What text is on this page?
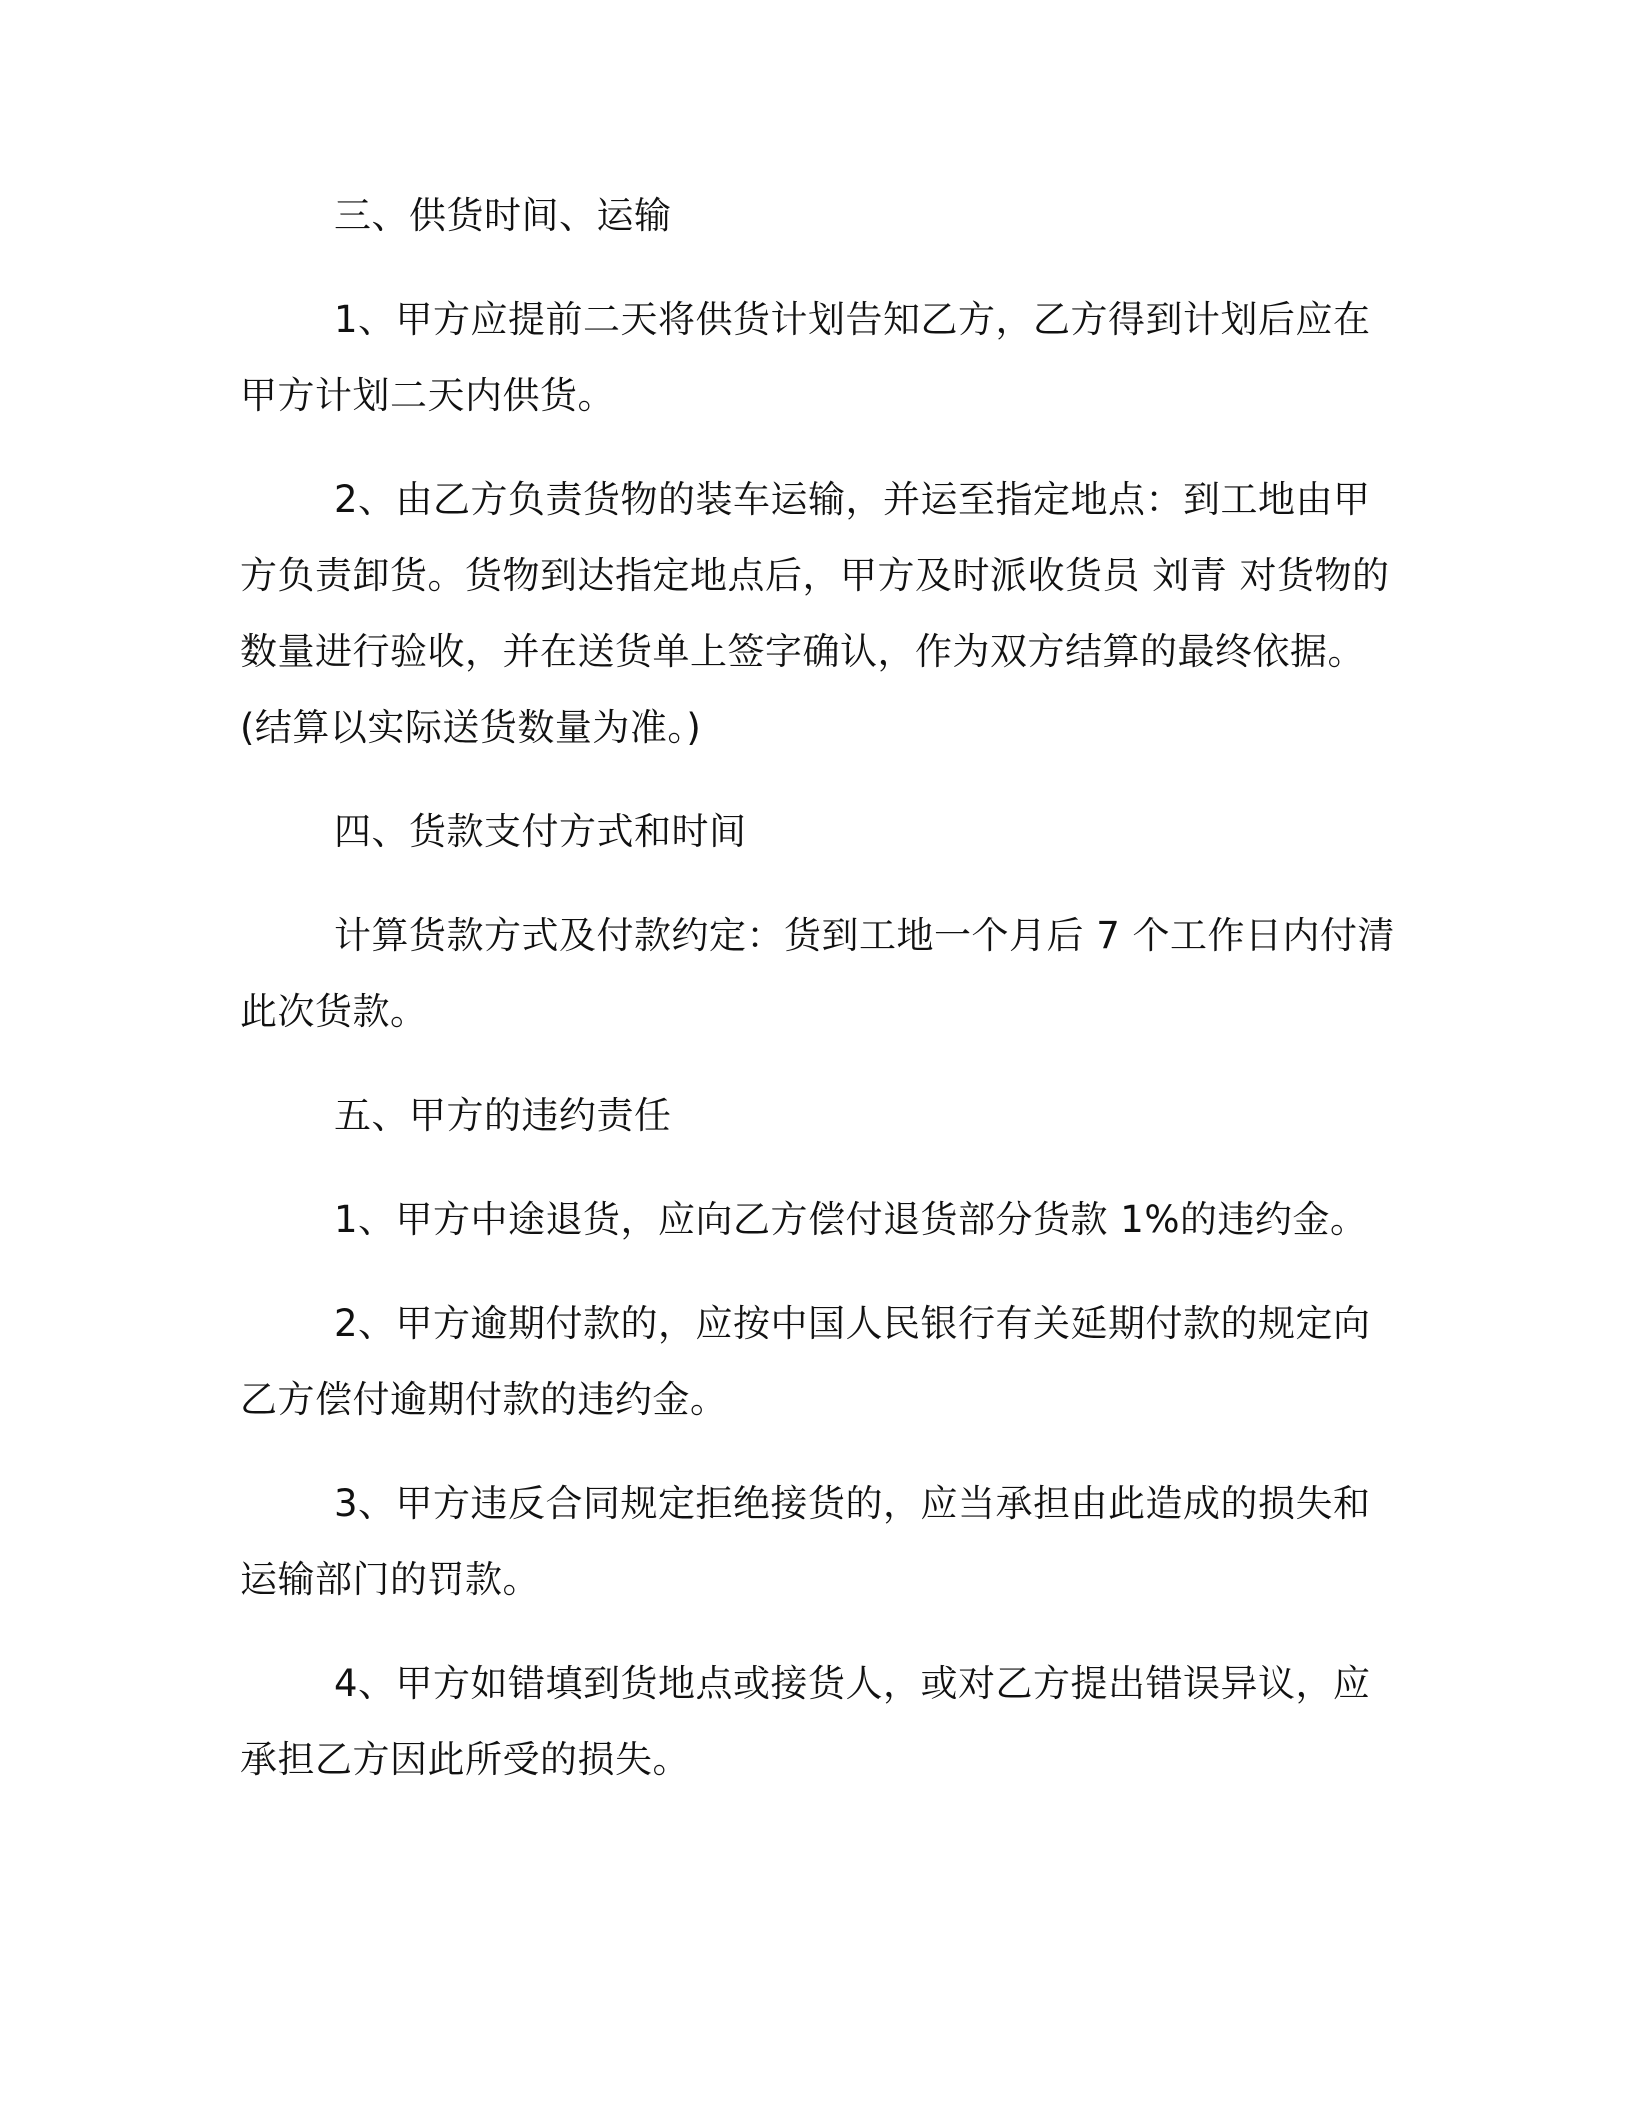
三、供货时间、运输
1、甲方应提前二天将供货计划告知乙方，乙方得到计划后应在
甲方计划二天内供货。
2、由乙方负责货物的装车运输，并运至指定地点：到工地由甲
方负责卸货。货物到达指定地点后，甲方及时派收货员 刘青 对货物的
数量进行验收，并在送货单上签字确认，作为双方结算的最终依据。
(结算以实际送货数量为准。)
四、货款支付方式和时间
计算货款方式及付款约定：货到工地一个月后 7 个工作日内付清
此次货款。
五、甲方的违约责任
1、甲方中途退货，应向乙方偿付退货部分货款 1%的违约金。
2、甲方逾期付款的，应按中国人民银行有关延期付款的规定向
乙方偿付逾期付款的违约金。
3、甲方违反合同规定拒绝接货的，应当承担由此造成的损失和
运输部门的罚款。
4、甲方如错填到货地点或接货人，或对乙方提出错误异议，应
承担乙方因此所受的损失。
